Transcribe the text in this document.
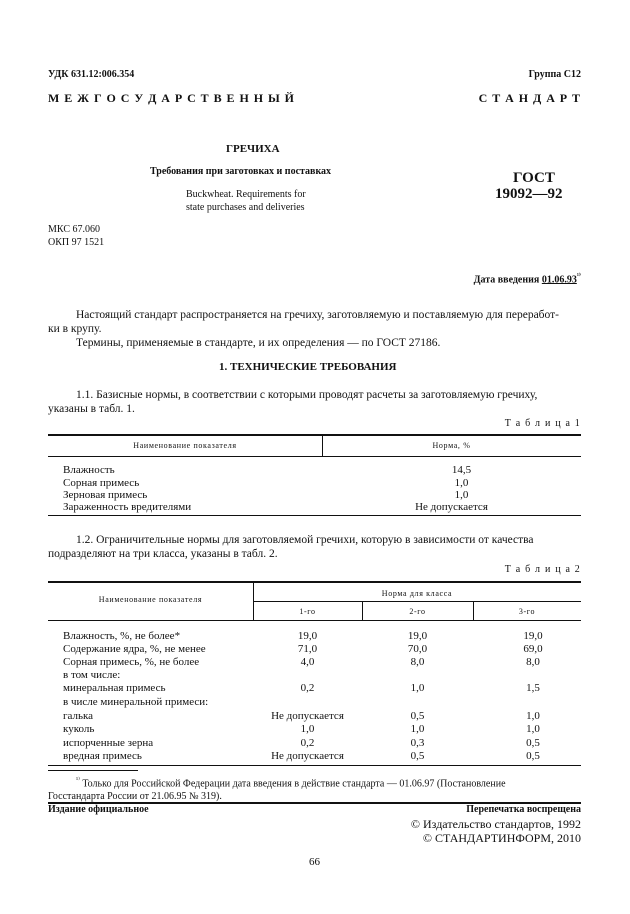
УДК 631.12:006.354	Группа С12
М Е Ж Г О С У Д А Р С Т В Е Н Н Ы Й	С Т А Н Д А Р Т
ГРЕЧИХА
Требования при заготовках и поставках
Buckwheat. Requirements for
state purchases and deliveries
ГОСТ
19092—92
МКС 67.060
ОКП 97 1521
Дата введения $01.06.93^{^{1)}}$
Настоящий стандарт распространяется на гречиху, заготовляемую и поставляемую для переработ-
ки в крупу.
Термины, применяемые в стандарте, и их определения — по ГОСТ 27186.
1. ТЕХНИЧЕСКИЕ ТРЕБОВАНИЯ
1.1. Базисные нормы, в соответствии с которыми проводят расчеты за заготовляемую гречиху,
указаны в табл. 1.
Т а б л и ц а 1
Наименование показателя	Норма, %
Влажность	14,5
Сорная примесь	1,0
Зерновая примесь	1,0
Зараженность вредителями	Не допускается
1.2. Ограничительные нормы для заготовляемой гречихи, которую в зависимости от качества
подразделяют на три класса, указаны в табл. 2.
Т а б л и ц а 2
Наименование показателя
Норма для класса
1-го	2-го	3-го
Влажность, %, не более*	19,0	19,0	19,0
Содержание ядра, %, не менее	71,0	70,0	69,0
Сорная примесь, %, не более	4,0	8,0	8,0
в том числе:
минеральная примесь	0,2	1,0	1,5
в числе минеральной примеси:
галька	Не допускается	0,5	1,0
куколь	1,0	1,0	1,0
испорченные зерна	0,2	0,3	0,5
вредная примесь	Не допускается	0,5	0,5
$^{^{1)}}$ Только для Российской Федерации дата введения в действие стандарта — 01.06.97 (Постановление
Госстандарта России от 21.06.95 № 319).
Издание официальное	Перепечатка воспрещена
© Издательство стандартов, 1992
© СТАНДАРТИНФОРМ, 2010
66
